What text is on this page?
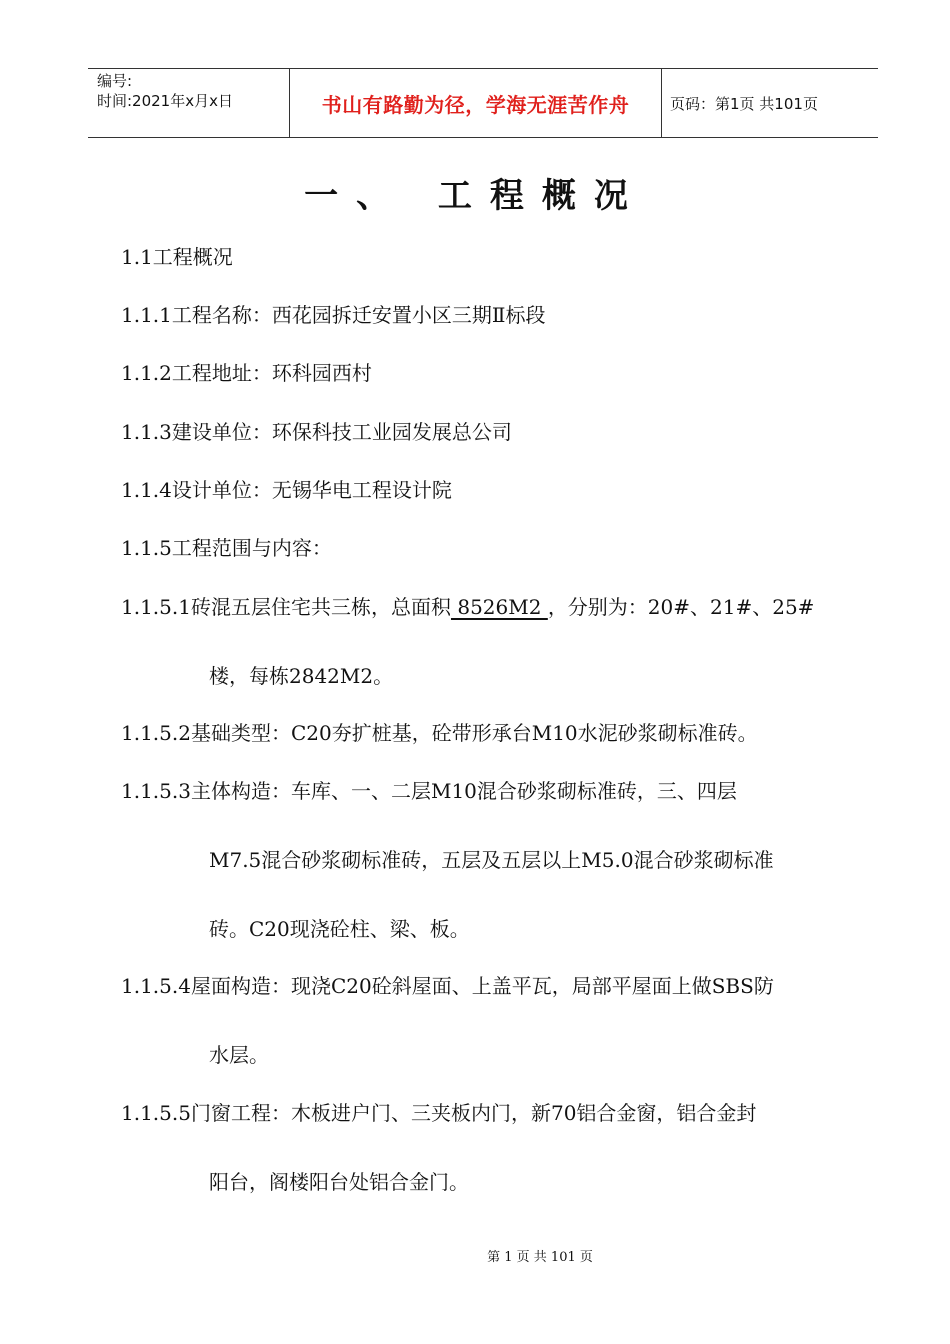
编号:
时间:2021年x月x日	书山有路勤为径，学海无涯苦作舟	页码：第1页 共101页
一、 工程概况
1.1工程概况
1.1.1工程名称：西花园拆迁安置小区三期Ⅱ标段
1.1.2工程地址：环科园西村
1.1.3建设单位：环保科技工业园发展总公司
1.1.4设计单位：无锡华电工程设计院
1.1.5工程范围与内容：
1.1.5.1砖混五层住宅共三栋，总面积 8526M2 ，分别为：20#、21#、25#
楼，每栋2842M2。
1.1.5.2基础类型：C20夯扩桩基，砼带形承台M10水泥砂浆砌标准砖。
1.1.5.3主体构造：车库、一、二层M10混合砂浆砌标准砖，三、四层
M7.5混合砂浆砌标准砖，五层及五层以上M5.0混合砂浆砌标准
砖。C20现浇砼柱、梁、板。
1.1.5.4屋面构造：现浇C20砼斜屋面、上盖平瓦，局部平屋面上做SBS防
水层。
1.1.5.5门窗工程：木板进户门、三夹板内门，新70铝合金窗，铝合金封
阳台，阁楼阳台处铝合金门。
第 1 页 共 101 页
